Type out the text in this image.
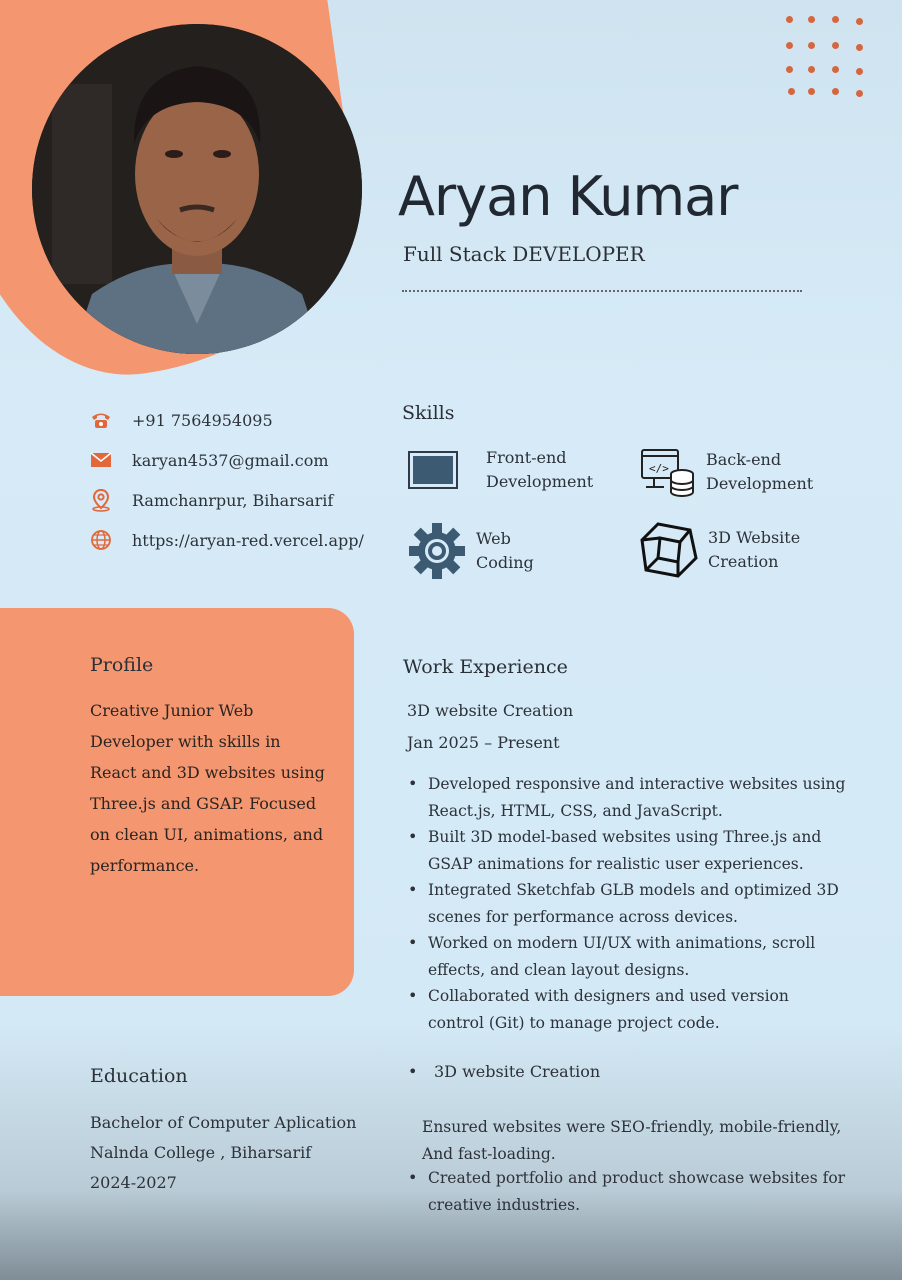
Aryan Kumar
Full Stack DEVELOPER
+91 7564954095
karyan4537@gmail.com
Ramchanrpur, Biharsarif
https://aryan-red.vercel.app/
Skills
Front-end
Development
</> Back-end
Development
Web
Coding
3D Website
Creation
Profile
Creative Junior Web Developer with skills in React and 3D websites using Three.js and GSAP. Focused on clean UI, animations, and performance.
Education
Bachelor of Computer Aplication
Nalnda College , Biharsarif
2024-2027
Work Experience
3D website Creation
Jan 2025 – Present
• Developed responsive and interactive websites using React.js, HTML, CSS, and JavaScript.
• Built 3D model-based websites using Three.js and GSAP animations for realistic user experiences.
• Integrated Sketchfab GLB models and optimized 3D scenes for performance across devices.
• Worked on modern UI/UX with animations, scroll effects, and clean layout designs.
• Collaborated with designers and used version control (Git) to manage project code.
• 3D website Creation
Ensured websites were SEO-friendly, mobile-friendly, And fast-loading.
• Created portfolio and product showcase websites for creative industries.
